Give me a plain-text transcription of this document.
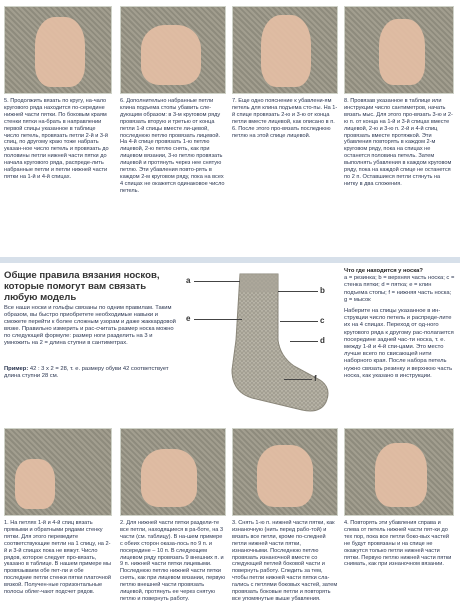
5. Продолжить вязать по кругу, на-чало кругового ряда находится по-середине нижней части пятки. По боковым краям стенки пятки на-брать в направлении первой спицы указанное в таблице число петель, провязать петли 2-й и 3-й спиц, по другому краю тоже набрать указан-ное число петель и провязать до половины петли нижней части пятки до начала кругового ряда, распреде-лить набранные петли и петли нижней части пятки на 1-й и 4-й спицах.
6. Дополнительно набранные петли клина подъема стопы убавить сле-дующим образом: в 3-м круговом ряду провязать вторую и третью от конца петли 1-й спицы вместе ли-цевой, последнюю петлю провязать лицевой. На 4-й спице провязать 1-ю петлю лицевой, 2-ю петлю снять, как при лицевом вязании, 3-ю петлю провязать лицевой и протянуть через нее снятую петлю. Эти убавления повто-рять в каждом 2-м круговом ряду, пока на всех 4 спицах не окажется одинаковое число петель.
7. Еще одно пояснение к убавлени-ям петель для клина подъема сто-пы. На 1-й спице провязать 2-ю и 3-ю от конца петли вместе лицевой, как описано в п. 6. После этого про-вязать последнюю петлю на этой спице лицевой.
8. Провязав указанное в таблице или инструкции число сантиметров, начать вязать мыс. Для этого про-вязать 3-ю и 2-ю п. от конца на 1-й и 3-й спицах вместе лицевой, 2-ю и 3-ю п. 2-й и 4-й спиц провязать вместе протяжкой. Эти убавления повторять в каждом 2-м круговом ряду, пока на спицах не останется половина петель. Затем выполнять убавления в каждом круговом ряду, пока на каждой спице не останется по 2 п. Оставшиеся петли стянуть на нитку в два сложения.
Общие правила вязания носков, которые помогут вам связать любую модель
Все наши носки и гольфы связаны по одним правилам. Таким образом, вы быстро приобретете необходимые навыки и сможете перейти к более сложным узорам и даже жаккардовой вязке. Правильно измерить и рас-считать размер носка можно по следующей формуле: размер ноги разделить на 3 и умножить на 2 = длина ступни в сантиметрах.
Пример: 42 : 3 x 2 = 28, т. е. размеру обуви 42 соответствует длина ступни 28 см.
a
e
b
c
d
f
Что где находится у носка?
a = резинка; b = верхняя часть носка; c = стенка пятки; d = пятка; e = клин подъема стопы; f = нижняя часть носка; g = мысок
Наберите на спицы указанное в ин-струкции число петель и распреде-лите их на 4 спицах. Переход от од-ного кругового ряда к другому рас-полагается посередине задней час-ти носка, т. е. между 1-й и 4-й спи-цами. Это место лучше всего по свисающей нити наборного края. После набора петель нужно связать резинку и верхнюю часть носка, как указано в инструкции.
1. На петлях 1-й и 4-й спиц вязать прямыми и обратными рядами стенку пятки. Для этого переведите соответствующие петли на 1 спицу, на 2-й и 3-й спицах пока не вяжут. Число рядов, которое следует про-вязать, указано в таблице. В нашем примере мы провязываем обе пет-ли и обе последние петли стенки пятки платочной вязкой. Получен-ные горизонтальные полосы облег-чают подсчет рядов.
2. Для нижней части пятки раздели-те все петли, находящиеся в ра-боте, на 3 части (см. таблицу). В на-шем примере с обеих сторон оказа-лось по 9 п. и посередине – 10 п. В следующем лицевом ряду провязать 9 внешних п. и 9 п. нижней части пятки лицевыми. Последнюю петлю нижней части пятки снять, как при лицевом вязании, первую петлю внешней части провязать лицевой, протянуть ее через снятую петлю и повернуть работу.
3. Снять 1-ю п. нижней части пятки, как изнаночную (нить перед рабо-той) и вязать все петли, кроме по-следней петли нижней части пятки, изнаночными. Последнюю петлю провязать изнаночной вместе со следующей петлей боковой части и повернуть работу. Следить за тем, чтобы петли нижней части пятки сла-гались с петлями боковых частей, затем провязать боковые петли и повторять все упомянутые выше убавления.
4. Повторять эти убавления справа и слева от петель нижней части пят-ки до тех пор, пока все петли боко-вых частей не будут провязаны и на спице не окажутся только петли нижней части пятки. Первую петлю нижней части пятки снимать, как при изнаночном вязании.
